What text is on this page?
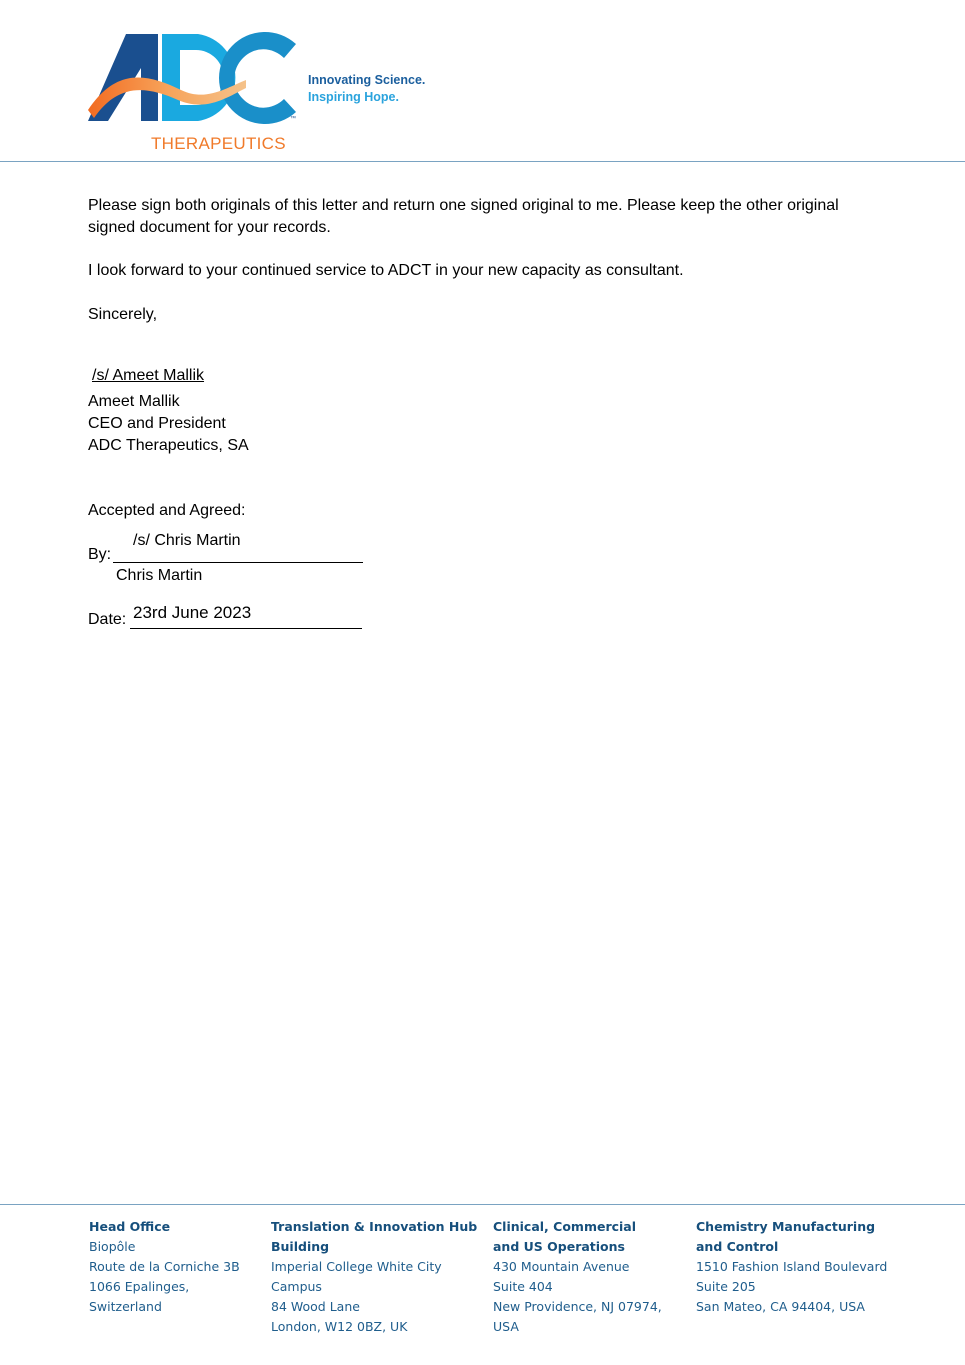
™
THERAPEUTICS
Innovating Science.
Inspiring Hope.
Please sign both originals of this letter and return one signed original to me. Please keep the other original signed document for your records.
I look forward to your continued service to ADCT in your new capacity as consultant.
Sincerely,
/s/ Ameet Mallik
Ameet Mallik
CEO and President
ADC Therapeutics, SA
Accepted and Agreed:
By:
/s/ Chris Martin
Chris Martin
Date: 23rd June 2023
Head Office
Biopôle
Route de la Corniche 3B
1066 Epalinges,
Switzerland
Translation & Innovation Hub
Building
Imperial College White City
Campus
84 Wood Lane
London, W12 0BZ, UK
Clinical, Commercial
and US Operations
430 Mountain Avenue
Suite 404
New Providence, NJ 07974,
USA
Chemistry Manufacturing
and Control
1510 Fashion Island Boulevard
Suite 205
San Mateo, CA 94404, USA
